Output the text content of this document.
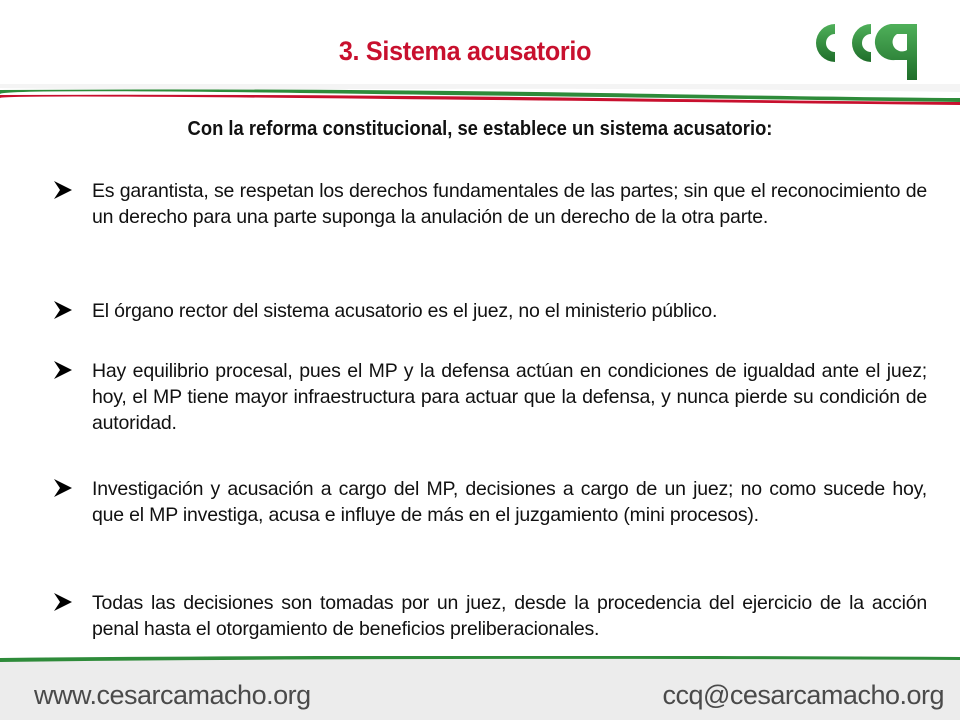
3. Sistema acusatorio
Con la reforma constitucional, se establece un sistema acusatorio:
Es garantista, se respetan los derechos fundamentales de las partes; sin que el reconocimiento de un derecho para una parte suponga la anulación de un derecho de la otra parte.
El órgano rector del sistema acusatorio es el juez, no el ministerio público.
Hay equilibrio procesal, pues el MP y la defensa actúan en condiciones de igualdad ante el juez; hoy, el MP tiene mayor infraestructura para actuar que la defensa, y nunca pierde su condición de autoridad.
Investigación y acusación a cargo del MP, decisiones a cargo de un juez; no como sucede hoy, que el MP investiga, acusa e influye de más en el juzgamiento (mini procesos).
Todas las decisiones son tomadas por un juez, desde la procedencia del ejercicio de la acción penal hasta el otorgamiento de beneficios preliberacionales.
www.cesarcamacho.org	ccq@cesarcamacho.org
